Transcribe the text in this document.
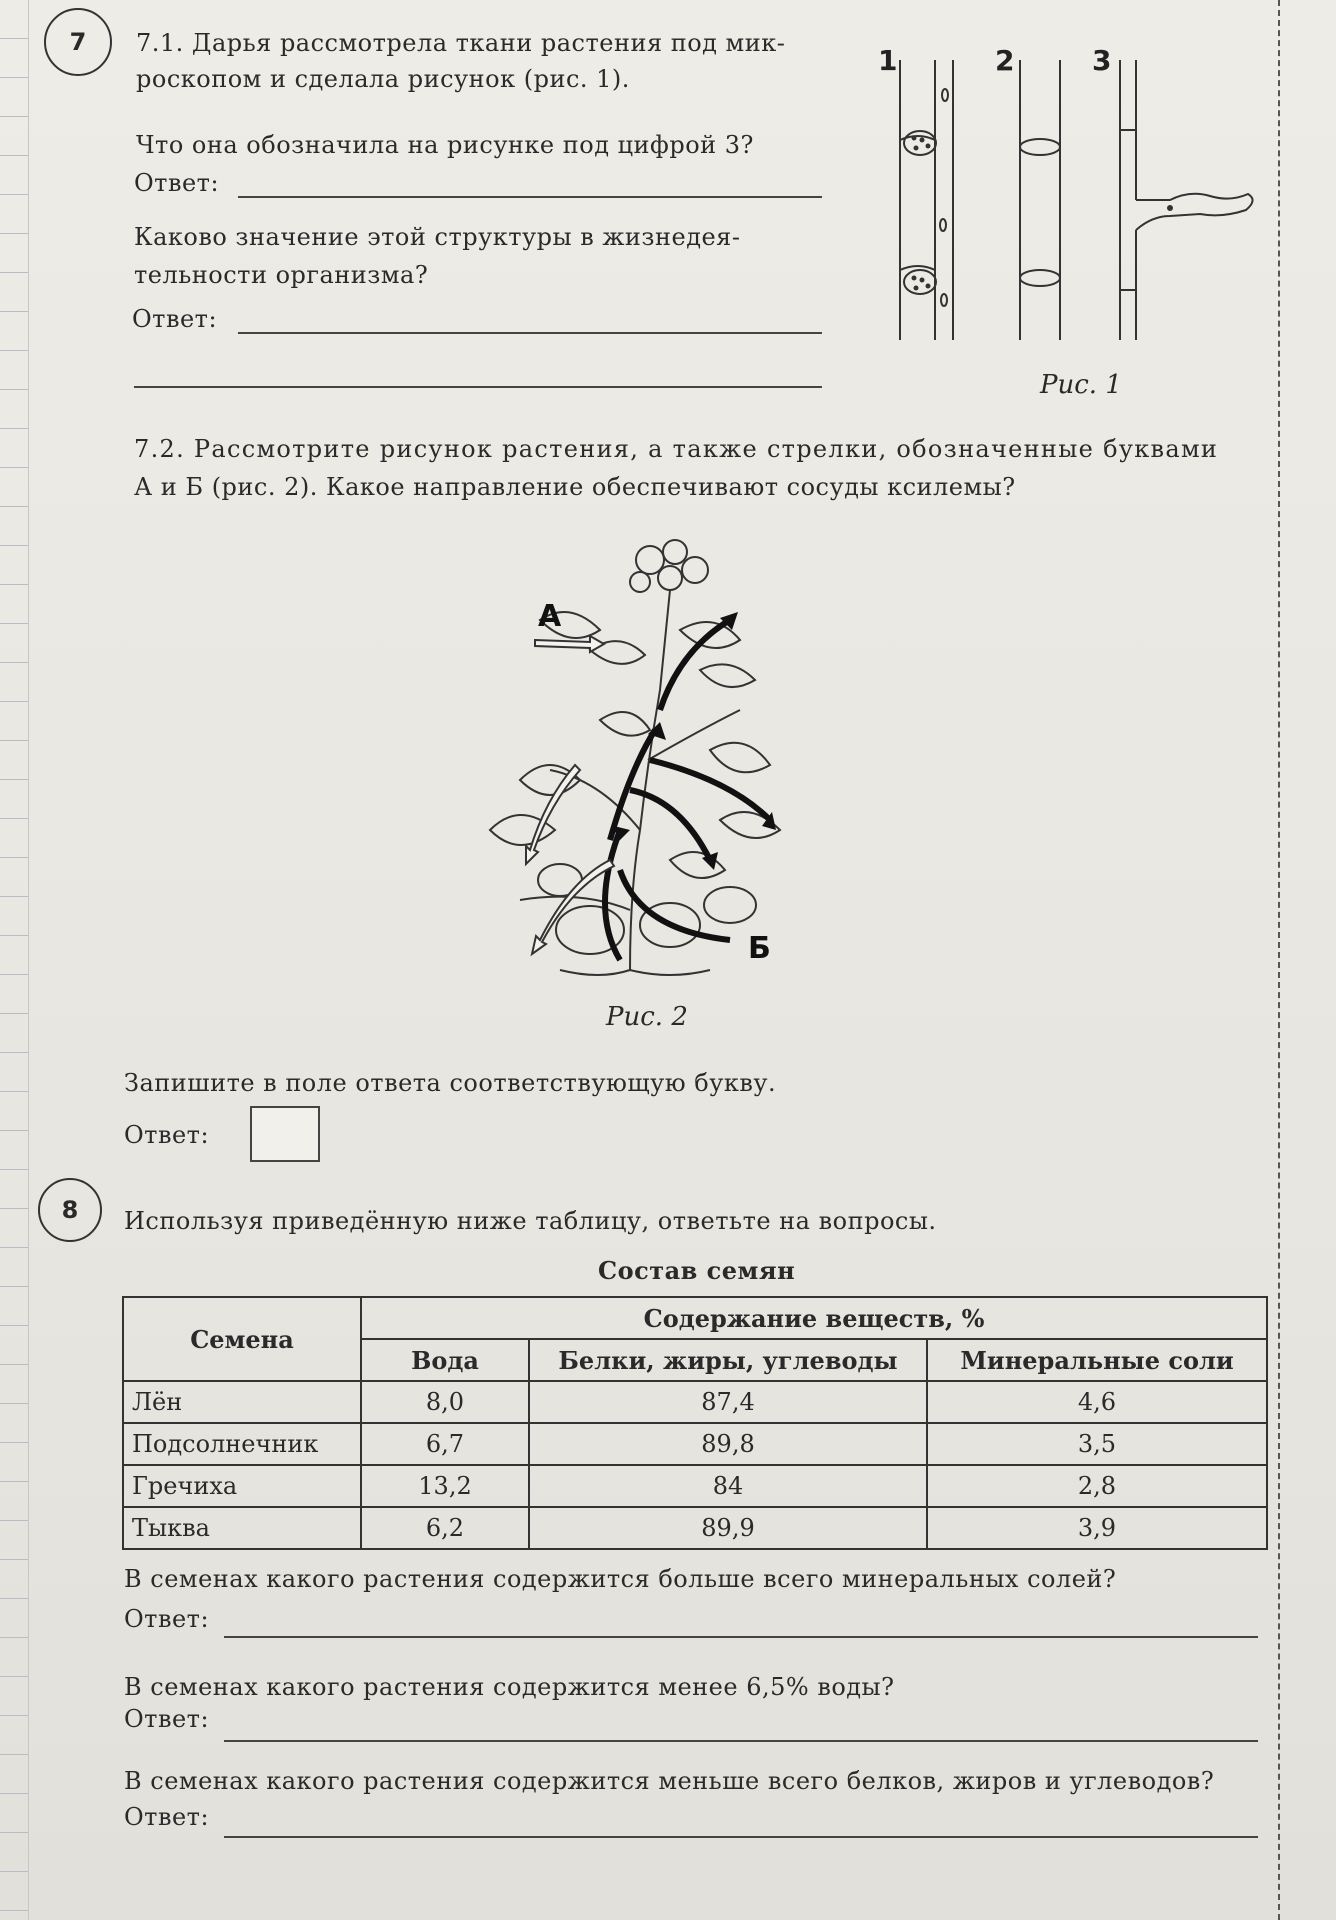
7	7.1. Дарья рассмотрела ткани растения под мик-
роскопом и сделала рисунок (рис. 1).
Что она обозначила на рисунке под цифрой 3?
Ответ:
Каково значение этой структуры в жизнедея-
тельности организма?
Ответ:
1	2	3
Рис. 1
7.2. Рассмотрите рисунок растения, а также стрелки, обозначенные буквами
А и Б (рис. 2). Какое направление обеспечивают сосуды ксилемы?
А
Б
Рис. 2
Запишите в поле ответа соответствующую букву.
Ответ:
8	Используя приведённую ниже таблицу, ответьте на вопросы.
Состав семян
Семена	Содержание веществ, %		
	Вода	Белки, жиры, углеводы	Минеральные соли
Лён	8,0	87,4	4,6
Подсолнечник	6,7	89,8	3,5
Гречиха	13,2	84	2,8
Тыква	6,2	89,9	3,9
В семенах какого растения содержится больше всего минеральных солей?
Ответ:
В семенах какого растения содержится менее 6,5% воды?
Ответ:
В семенах какого растения содержится меньше всего белков, жиров и углеводов?
Ответ:
